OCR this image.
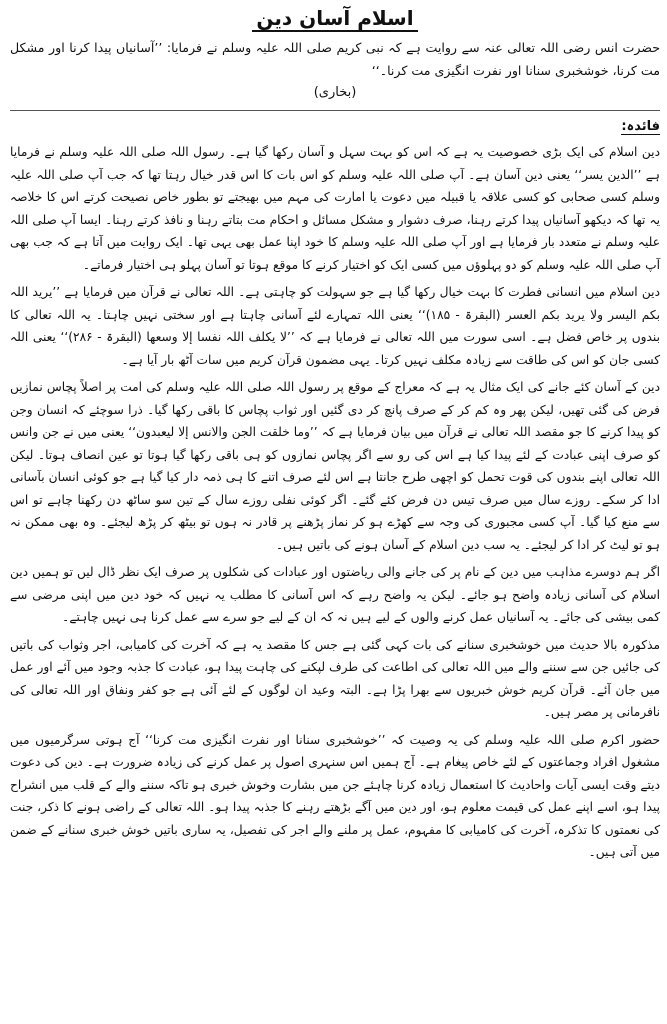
اسلام آسان دین

حضرت انس رضی اللہ تعالی عنہ سے روایت ہے کہ نبی کریم صلی اللہ علیہ وسلم نے فرمایا: ’’آسانیاں پیدا کرنا اور مشکل مت کرنا، خوشخبری سنانا اور نفرت انگیزی مت کرنا۔‘‘

(بخاری)
فائدہ:

دین اسلام کی ایک بڑی خصوصیت یہ ہے کہ اس کو بہت سہل و آسان رکھا گیا ہے۔ رسول اللہ صلی اللہ علیہ وسلم نے فرمایا ہے ’’الدین یسر‘‘ یعنی دین آسان ہے۔ آپ صلی اللہ علیہ وسلم کو اس بات کا اس قدر خیال رہتا تھا کہ جب آپ صلی اللہ علیہ وسلم کسی صحابی کو کسی علاقہ یا قبیلہ میں دعوت یا امارت کی مہم میں بھیجتے تو بطور خاص نصیحت کرتے اس کا خلاصہ یہ تھا کہ دیکھو آسانیاں پیدا کرتے رہنا، صرف دشوار و مشکل مسائل و احکام مت بتاتے رہنا و نافذ کرتے رہنا۔ ایسا آپ صلی اللہ علیہ وسلم نے متعدد بار فرمایا ہے اور آپ صلی اللہ علیہ وسلم کا خود اپنا عمل بھی یہی تھا۔ ایک روایت میں آتا ہے کہ جب بھی آپ صلی اللہ علیہ وسلم کو دو پہلوؤں میں کسی ایک کو اختیار کرنے کا موقع ہوتا تو آسان پہلو ہی اختیار فرماتے۔

دین اسلام میں انسانی فطرت کا بہت خیال رکھا گیا ہے جو سہولت کو چاہتی ہے۔ اللہ تعالی نے قرآن میں فرمایا ہے ’’یرید اللہ بکم الیسر ولا یرید بکم العسر (البقرۃ - ۱۸۵)‘‘ یعنی اللہ تمہارے لئے آسانی چاہتا ہے اور سختی نہیں چاہتا۔ یہ اللہ تعالی کا بندوں پر خاص فضل ہے۔ اسی سورت میں اللہ تعالی نے فرمایا ہے کہ ’’لا یکلف اللہ نفسا إلا وسعھا (البقرۃ - ۲۸۶)‘‘ یعنی اللہ کسی جان کو اس کی طاقت سے زیادہ مکلف نہیں کرتا۔ یہی مضمون قرآن کریم میں سات آٹھ بار آیا ہے۔

دین کے آسان کئے جانے کی ایک مثال یہ ہے کہ معراج کے موقع پر رسول اللہ صلی اللہ علیہ وسلم کی امت پر اصلاً پچاس نمازیں فرض کی گئی تھیں، لیکن پھر وہ کم کر کے صرف پانچ کر دی گئیں اور ثواب پچاس کا باقی رکھا گیا۔ ذرا سوچئے کہ انسان وجن کو پیدا کرنے کا جو مقصد اللہ تعالی نے قرآن میں بیان فرمایا ہے کہ ’’وما خلقت الجن والانس إلا لیعبدون‘‘ یعنی میں نے جن وانس کو صرف اپنی عبادت کے لئے پیدا کیا ہے اس کی رو سے اگر پچاس نمازوں کو ہی باقی رکھا گیا ہوتا تو عین انصاف ہوتا۔ لیکن اللہ تعالی اپنے بندوں کی قوت تحمل کو اچھی طرح جانتا ہے اس لئے صرف اتنے کا ہی ذمہ دار کیا گیا ہے جو کوئی انسان بآسانی ادا کر سکے۔ روزے سال میں صرف تیس دن فرض کئے گئے۔ اگر کوئی نفلی روزے سال کے تین سو ساٹھ دن رکھنا چاہے تو اس سے منع کیا گیا۔ آپ کسی مجبوری کی وجہ سے کھڑے ہو کر نماز پڑھنے پر قادر نہ ہوں تو بیٹھ کر پڑھ لیجئے۔ وہ بھی ممکن نہ ہو تو لیٹ کر ادا کر لیجئے۔ یہ سب دین اسلام کے آسان ہونے کی باتیں ہیں۔

اگر ہم دوسرے مذاہب میں دین کے نام پر کی جانے والی ریاضتوں اور عبادات کی شکلوں پر صرف ایک نظر ڈال لیں تو ہمیں دین اسلام کی آسانی زیادہ واضح ہو جائے۔ لیکن یہ واضح رہے کہ اس آسانی کا مطلب یہ نہیں کہ خود دین میں اپنی مرضی سے کمی بیشی کی جائے۔ یہ آسانیاں عمل کرنے والوں کے لیے ہیں نہ کہ ان کے لیے جو سرے سے عمل کرنا ہی نہیں چاہتے۔

مذکورہ بالا حدیث میں خوشخبری سنانے کی بات کہی گئی ہے جس کا مقصد یہ ہے کہ آخرت کی کامیابی، اجر وثواب کی باتیں کی جائیں جن سے سننے والے میں اللہ تعالی کی اطاعت کی طرف لپکنے کی چاہت پیدا ہو، عبادت کا جذبہ وجود میں آئے اور عمل میں جان آئے۔ قرآن کریم خوش خبریوں سے بھرا پڑا ہے۔ البتہ وعید ان لوگوں کے لئے آئی ہے جو کفر ونفاق اور اللہ تعالی کی نافرمانی پر مصر ہیں۔

حضور اکرم صلی اللہ علیہ وسلم کی یہ وصیت کہ ’’خوشخبری سنانا اور نفرت انگیزی مت کرنا‘‘ آج ہوتی سرگرمیوں میں مشغول افراد وجماعتوں کے لئے خاص پیغام ہے۔ آج ہمیں اس سنہری اصول پر عمل کرنے کی زیادہ ضرورت ہے۔ دین کی دعوت دیتے وقت ایسی آیات واحادیث کا استعمال زیادہ کرنا چاہئے جن میں بشارت وخوش خبری ہو تاکہ سننے والے کے قلب میں انشراح پیدا ہو، اسے اپنے عمل کی قیمت معلوم ہو، اور دین میں آگے بڑھتے رہنے کا جذبہ پیدا ہو۔ اللہ تعالی کے راضی ہونے کا ذکر، جنت کی نعمتوں کا تذکرہ، آخرت کی کامیابی کا مفہوم، عمل پر ملنے والے اجر کی تفصیل، یہ ساری باتیں خوش خبری سنانے کے ضمن میں آتی ہیں۔
